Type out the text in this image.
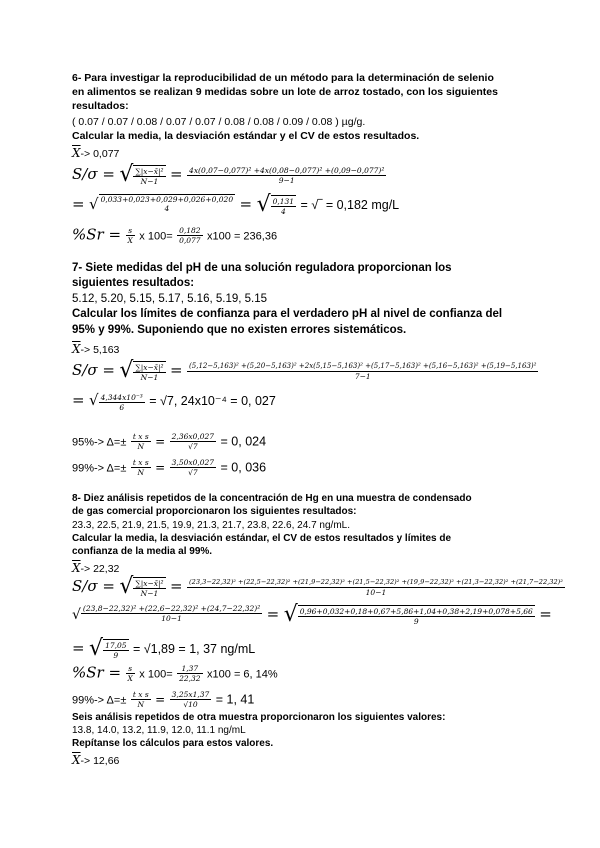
6- Para investigar la reproducibilidad de un método para la determinación de selenio
en alimentos se realizan 9 medidas sobre un lote de arroz tostado, con los siguientes
resultados:
( 0.07 / 0.07 / 0.08 / 0.07 / 0.07 / 0.08 / 0.08 / 0.09 / 0.08 ) µg/g.
Calcular la media, la desviación estándar y el CV de estos resultados.
$\overline{X}-> 0,077$
S/σ = √ $\frac{\text{∑|x−x̄|²}}{N-1} = \frac{\text{4x(0,07−0,077)² +4x(0,08−0,077)² +(0,09−0,077)²}}{9-1}$
= √ 0,033+0,023+0,029+0,026+0,020
4	= √ $\frac{0,131}{4}$ = √‾ = 0,182 mg/L
$\%Sr = \frac{s}{X}$ x $100= \frac{0,182}{0,077} x100 = 236,36$
7- Siete medidas del pH de una solución reguladora proporcionan los
siguientes resultados:
5.12, 5.20, 5.15, 5.17, 5.16, 5.19, 5.15
Calcular los límites de confianza para el verdadero pH al nivel de confianza del
95% y 99%. Suponiendo que no existen errores sistemáticos.
$\overline{X}-> 5,163$
S/σ = √ $\frac{\text{∑|x−x̄|²}}{N-1} = (5,12-5,163)^2 +(5,20-5,163)^2 +2x(5,15-5,163)^2 +(5,17-5,163)^2 +(5,16-5,163)^2 +(5,19-5,163)^2$
7−1
= √ $\frac{\text{4,344x10⁻³}}{6} = √7$, 24x10⁻⁴ = 0, 027
$95\%-> \Delta=\pm \frac{\text{t x s}}{N} = \frac{2,36x0,027}{√7} = 0$, 024
$99\%-> \Delta=\pm \frac{\text{t x s}}{N} = \frac{3,50x0,027}{√7} = 0$, 036
8- Diez análisis repetidos de la concentración de Hg en una muestra de condensado
de gas comercial proporcionaron los siguientes resultados:
23.3, 22.5, 21.9, 21.5, 19.9, 21.3, 21.7, 23.8, 22.6, 24.7 ng/mL.
Calcular la media, la desviación estándar, el CV de estos resultados y límites de
confianza de la media al 99%.
$\overline{X}-> 22,32$
S/σ = √ $\frac{\text{∑|x−x̄|²}}{N-1} = (23,3-22,32)^2 +(22,5-22,32)^2 +(21,9-22,32)^2 +(21,5-22,32)^2 +(19,9-22,32)^2 +(21,3-22,32)^2 +(21,7-22,32)^2$
10−1
√ $\frac{\text{(23,8−22,32)² +(22,6−22,32)² +(24,7−22,32)²}}{10-1}$ = √ $\frac{0,96+0,032+0,18+0,67+5,86+1,04+0,38+2,19+0,078+5,66}{9}$ =
= √ $\frac{17,05}{9} = √1,89 = 1$, 37 ng/mL
$\%Sr = \frac{s}{X}$ x $100= \frac{1,37}{22,32} x100 = 6$, 14%
$99\%-> \Delta=\pm \frac{\text{t x s}}{N} = \frac{3,25x1,37}{√10} = 1$, 41
Seis análisis repetidos de otra muestra proporcionaron los siguientes valores:
13.8, 14.0, 13.2, 11.9, 12.0, 11.1 ng/mL
Repítanse los cálculos para estos valores.
$\overline{X}-> 12,66$
